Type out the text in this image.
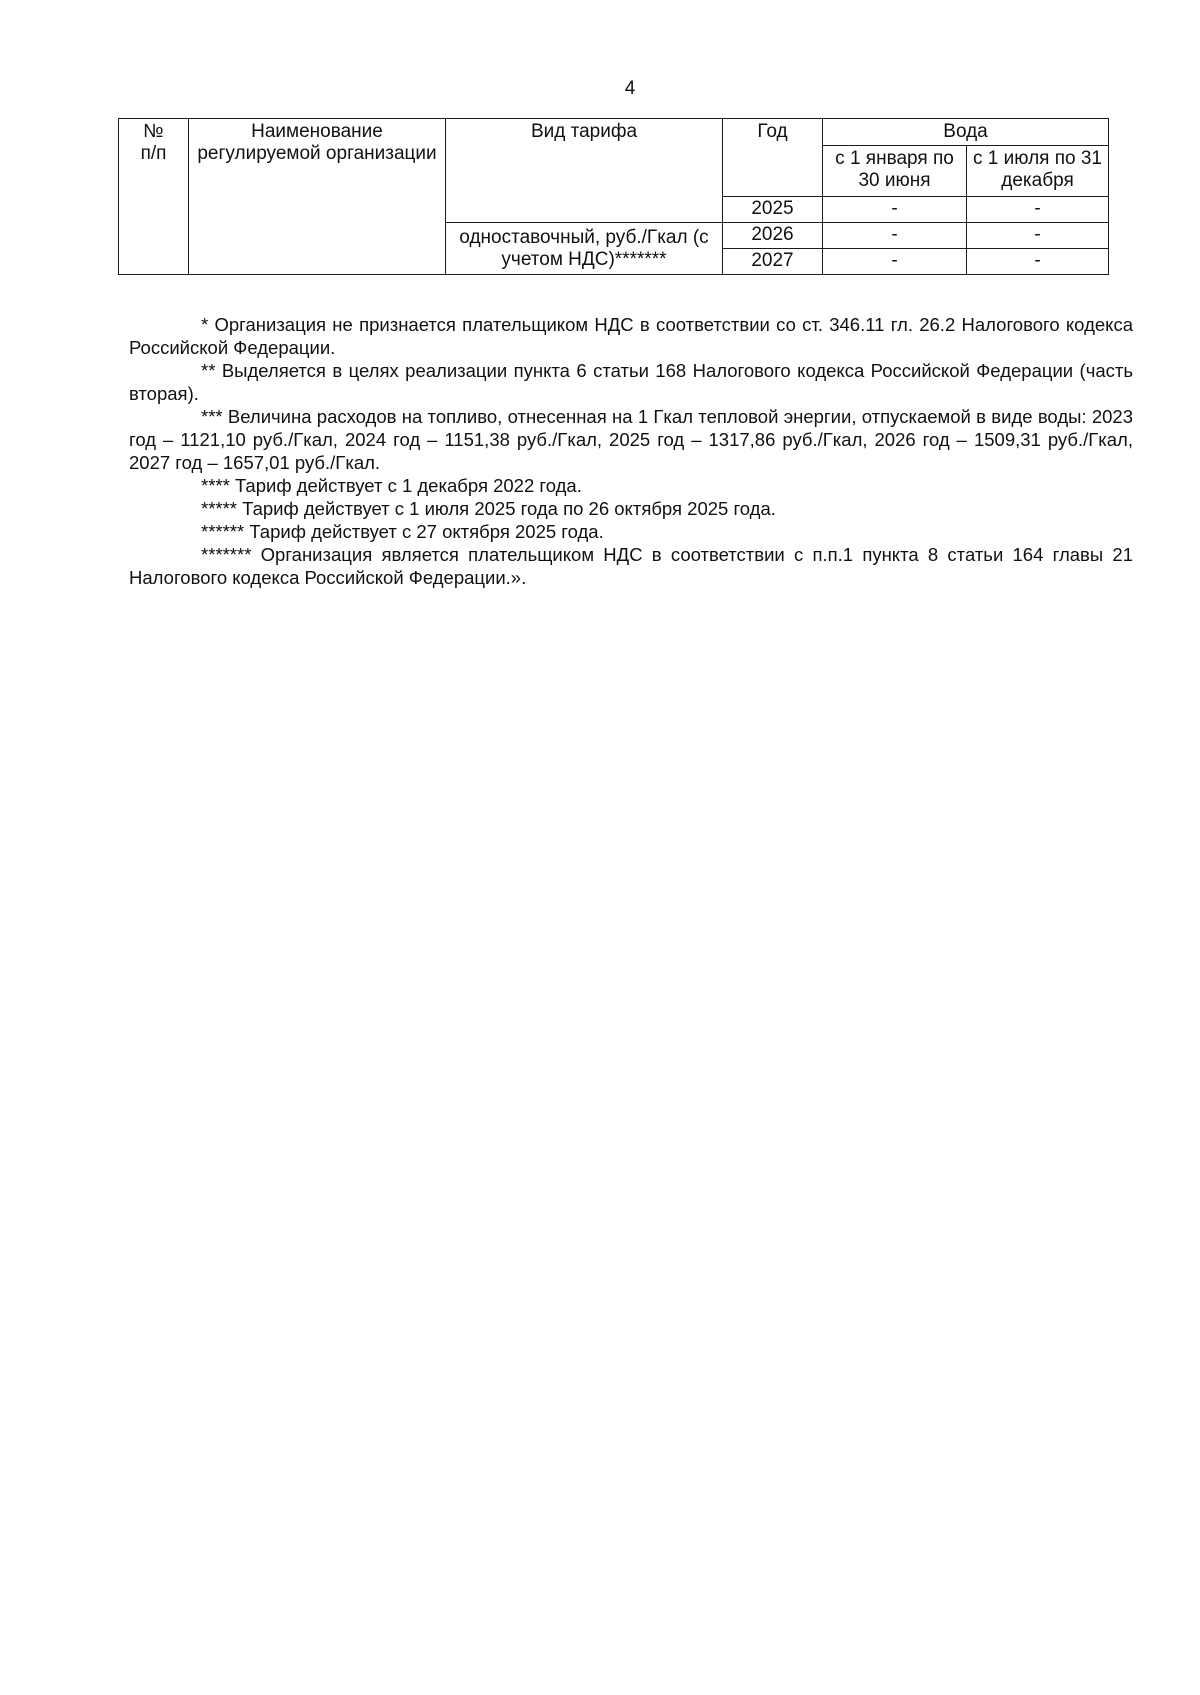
4
№
п/п	Наименование регулируемой организации	Вид тарифа	Год	Вода	
				с 1 января по 30 июня	с 1 июля по 31 декабря
			2025	-	-
		одноставочный, руб./Гкал (с учетом НДС)*******	2026	-	-
			2027	-	-

* Организация не признается плательщиком НДС в соответствии со ст. 346.11 гл. 26.2 Налогового кодекса Российской Федерации.

** Выделяется в целях реализации пункта 6 статьи 168 Налогового кодекса Российской Федерации (часть вторая).

*** Величина расходов на топливо, отнесенная на 1 Гкал тепловой энергии, отпускаемой в виде воды: 2023 год – 1121,10 руб./Гкал, 2024 год – 1151,38 руб./Гкал, 2025 год – 1317,86 руб./Гкал, 2026 год – 1509,31 руб./Гкал, 2027 год – 1657,01 руб./Гкал.

**** Тариф действует с 1 декабря 2022 года.

***** Тариф действует с 1 июля 2025 года по 26 октября 2025 года.

****** Тариф действует с 27 октября 2025 года.

******* Организация является плательщиком НДС в соответствии с п.п.1 пункта 8 статьи 164 главы 21 Налогового кодекса Российской Федерации.».
